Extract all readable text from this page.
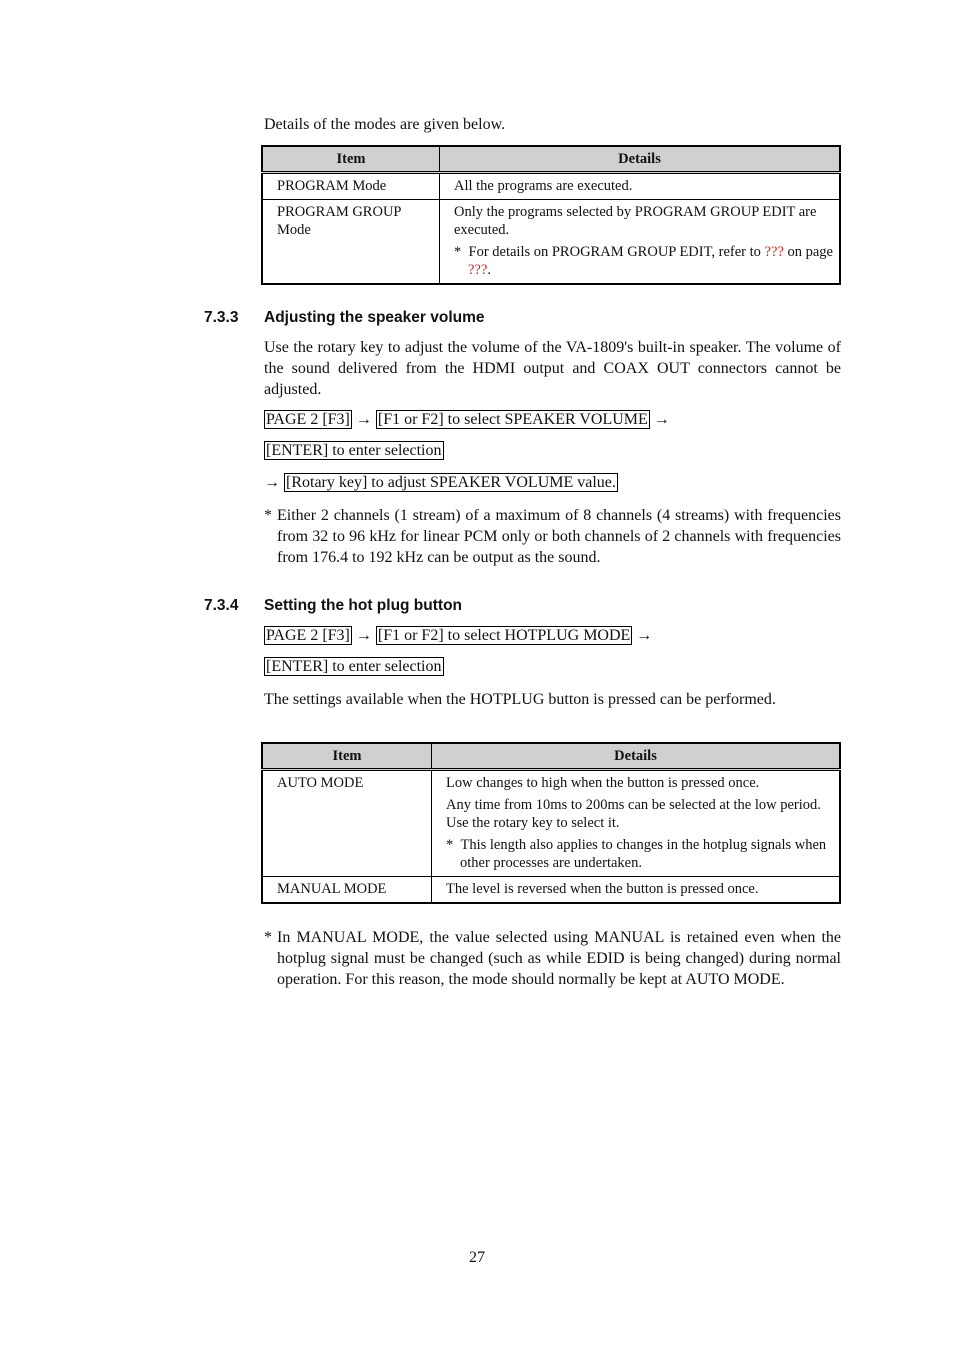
Details of the modes are given below.
Item	Details
PROGRAM Mode	All the programs are executed.

PROGRAM GROUP Mode	Only the programs selected by PROGRAM GROUP EDIT are executed.

* For details on PROGRAM GROUP EDIT, refer to ??? on page ???.

7.3.3 Adjusting the speaker volume
Use the rotary key to adjust the volume of the VA-1809's built-in speaker. The volume of the sound delivered from the HDMI output and COAX OUT connectors cannot be adjusted.
PAGE 2 [F3] → [F1 or F2] to select SPEAKER VOLUME →
[ENTER] to enter selection
→ [Rotary key] to adjust SPEAKER VOLUME value.
* Either 2 channels (1 stream) of a maximum of 8 channels (4 streams) with frequencies from 32 to 96 kHz for linear PCM only or both channels of 2 channels with frequencies from 176.4 to 192 kHz can be output as the sound.
7.3.4 Setting the hot plug button
PAGE 2 [F3] → [F1 or F2] to select HOTPLUG MODE →
[ENTER] to enter selection
The settings available when the HOTPLUG button is pressed can be performed.
Item	Details
AUTO MODE	Low changes to high when the button is pressed once.

Any time from 10ms to 200ms can be selected at the low period. Use the rotary key to select it.

* This length also applies to changes in the hotplug signals when other processes are undertaken.

MANUAL MODE	The level is reversed when the button is pressed once.

* In MANUAL MODE, the value selected using MANUAL is retained even when the hotplug signal must be changed (such as while EDID is being changed) during normal operation. For this reason, the mode should normally be kept at AUTO MODE.
27
